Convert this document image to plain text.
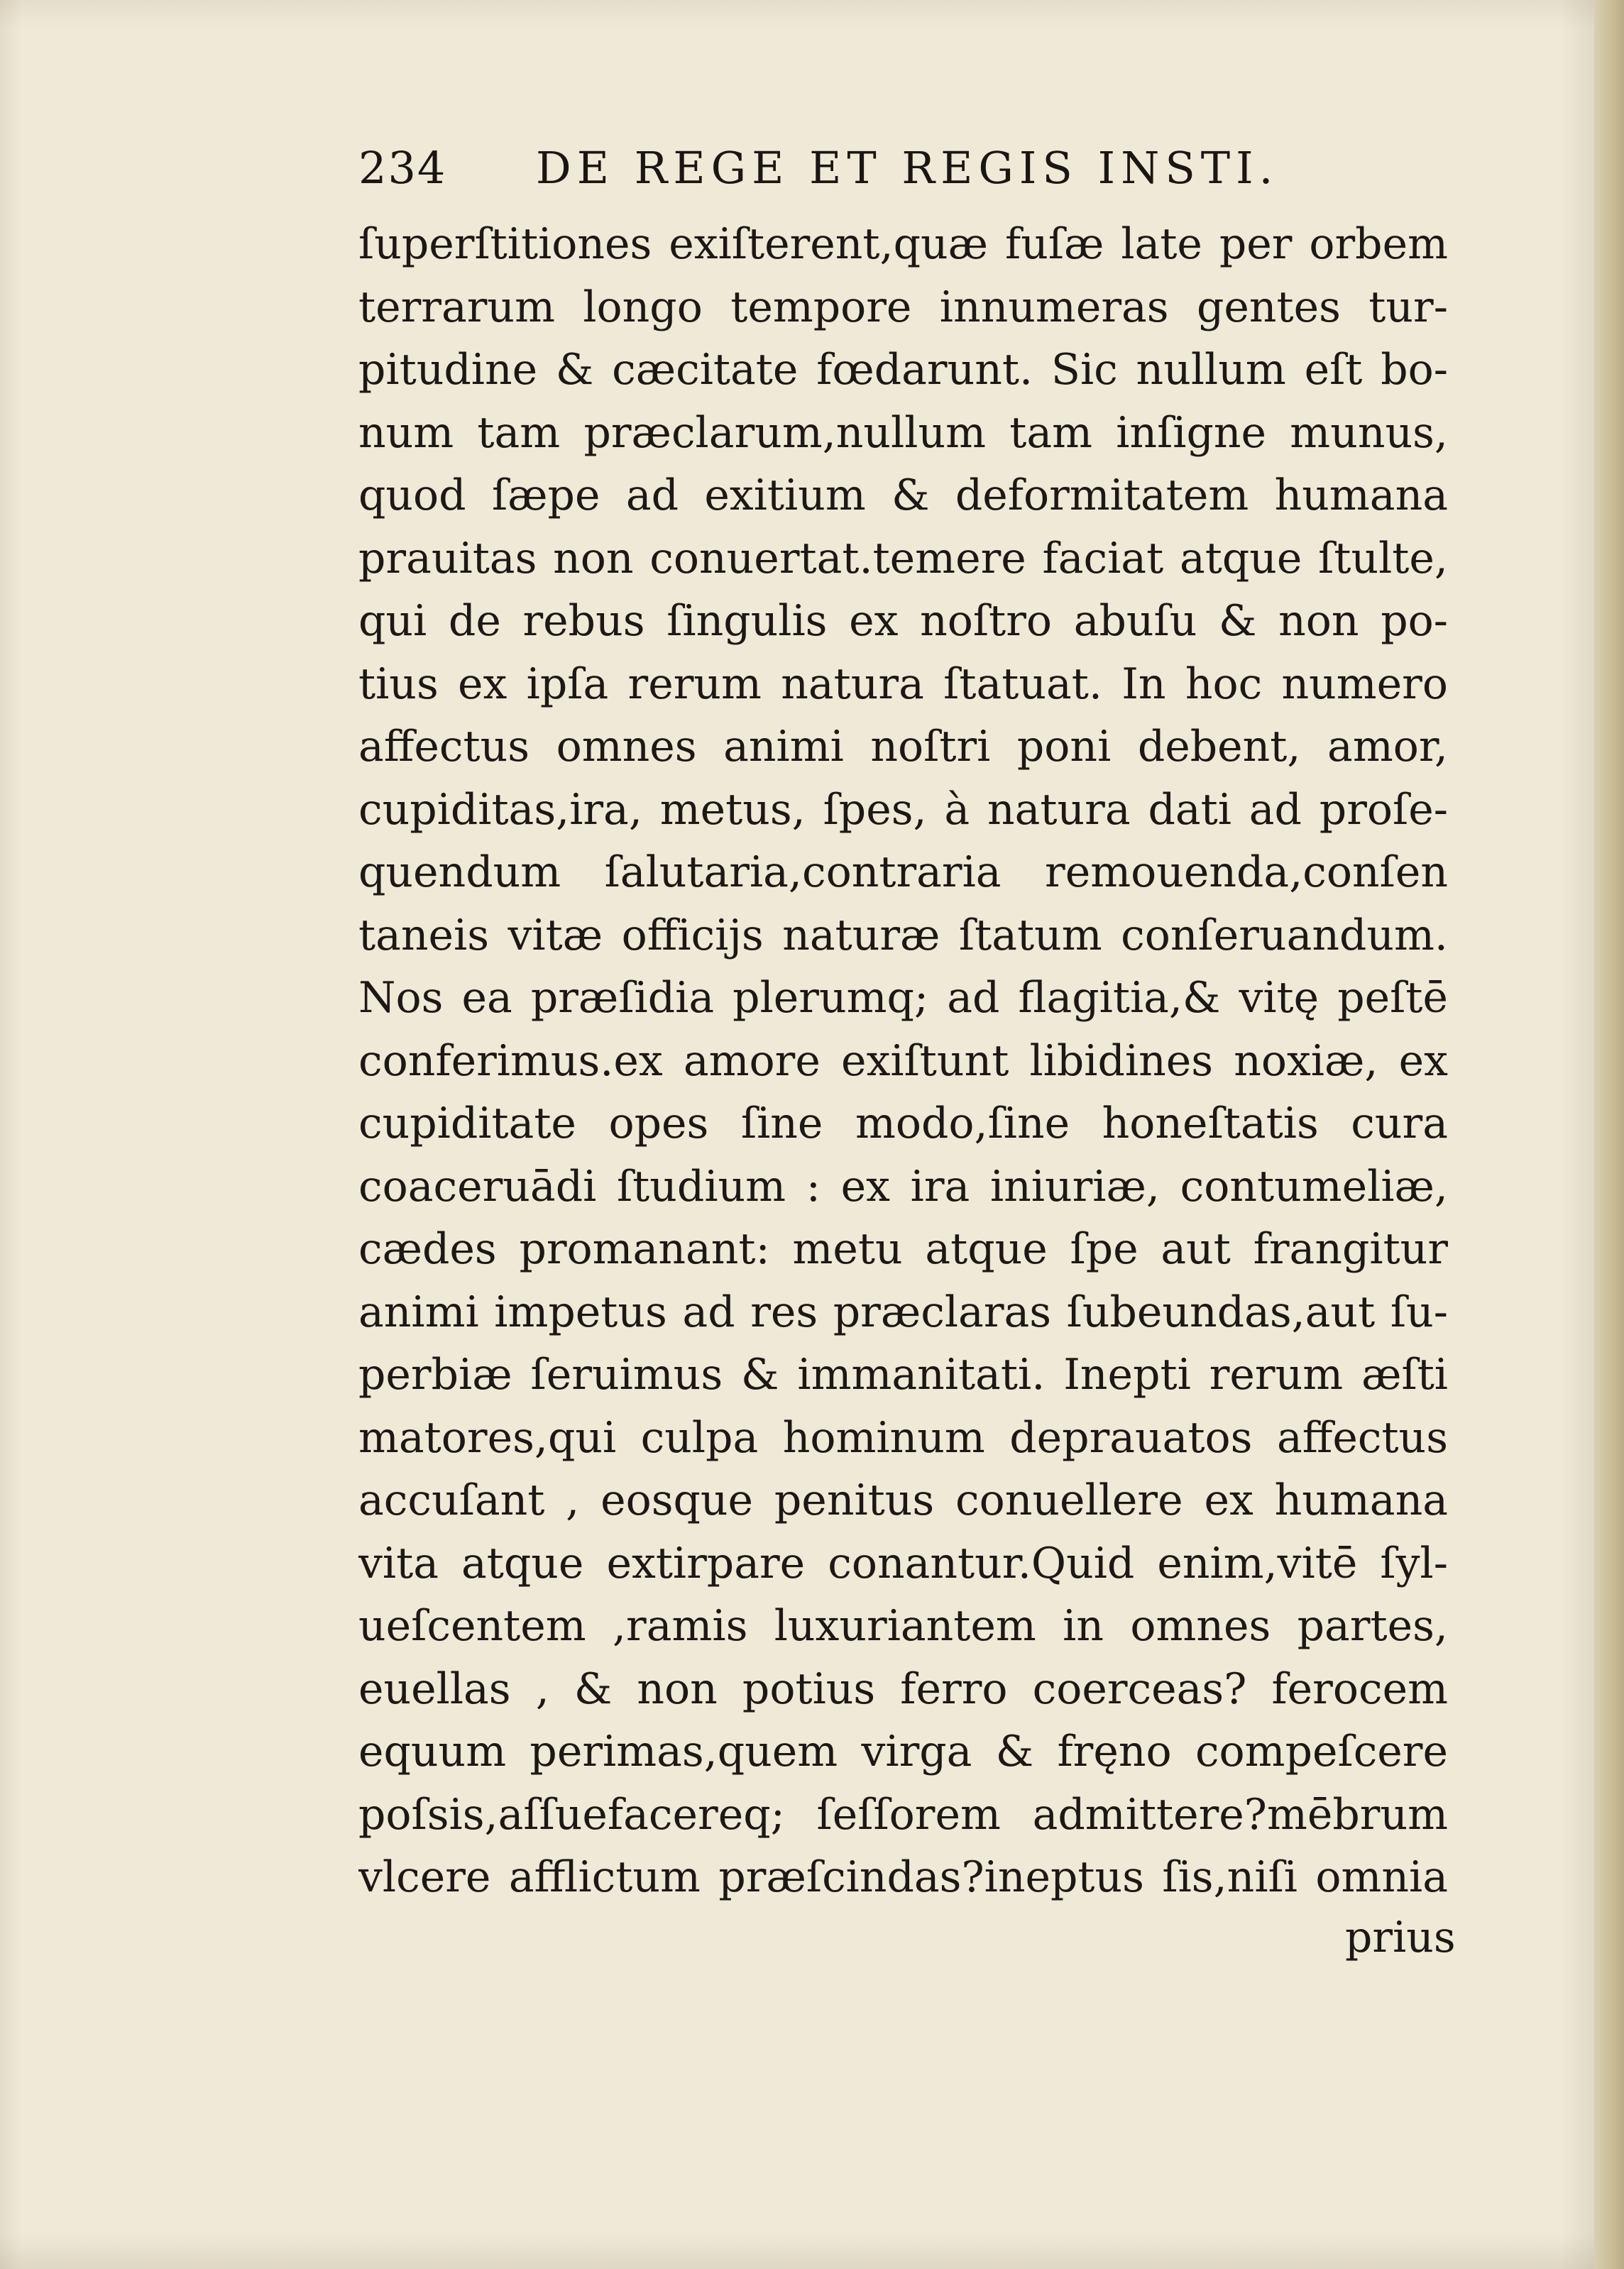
234 DE REGE ET REGIS INSTI.
ſuperſtitiones exiſterent,quæ fuſæ late per orbem
terrarum longo tempore innumeras gentes tur-
pitudine & cæcitate fœdarunt. Sic nullum eſt bo-
num tam præclarum,nullum tam inſigne munus,
quod ſæpe ad exitium & deformitatem humana
prauitas non conuertat.temere faciat atque ſtulte,
qui de rebus ſingulis ex noſtro abuſu & non po-
tius ex ipſa rerum natura ſtatuat. In hoc numero
affectus omnes animi noſtri poni debent, amor,
cupiditas,ira, metus, ſpes, à natura dati ad proſe-
quendum ſalutaria,contraria remouenda,conſen
taneis vitæ officijs naturæ ſtatum conſeruandum.
Nos ea præſidia plerumq; ad flagitia,& vitę peſtē
conferimus.ex amore exiſtunt libidines noxiæ, ex
cupiditate opes ſine modo,ſine honeſtatis cura
coaceruādi ſtudium : ex ira iniuriæ, contumeliæ,
cædes promanant: metu atque ſpe aut frangitur
animi impetus ad res præclaras ſubeundas,aut ſu-
perbiæ ſeruimus & immanitati. Inepti rerum æſti
matores,qui culpa hominum deprauatos affectus
accuſant , eosque penitus conuellere ex humana
vita atque extirpare conantur.Quid enim,vitē ſyl-
ueſcentem ,ramis luxuriantem in omnes partes,
euellas , & non potius ferro coerceas? ferocem
equum perimas,quem virga & fręno compeſcere
poſsis,aſſuefacereq; ſeſſorem admittere?mēbrum
vlcere afflictum præſcindas?ineptus ſis,niſi omnia
prius
